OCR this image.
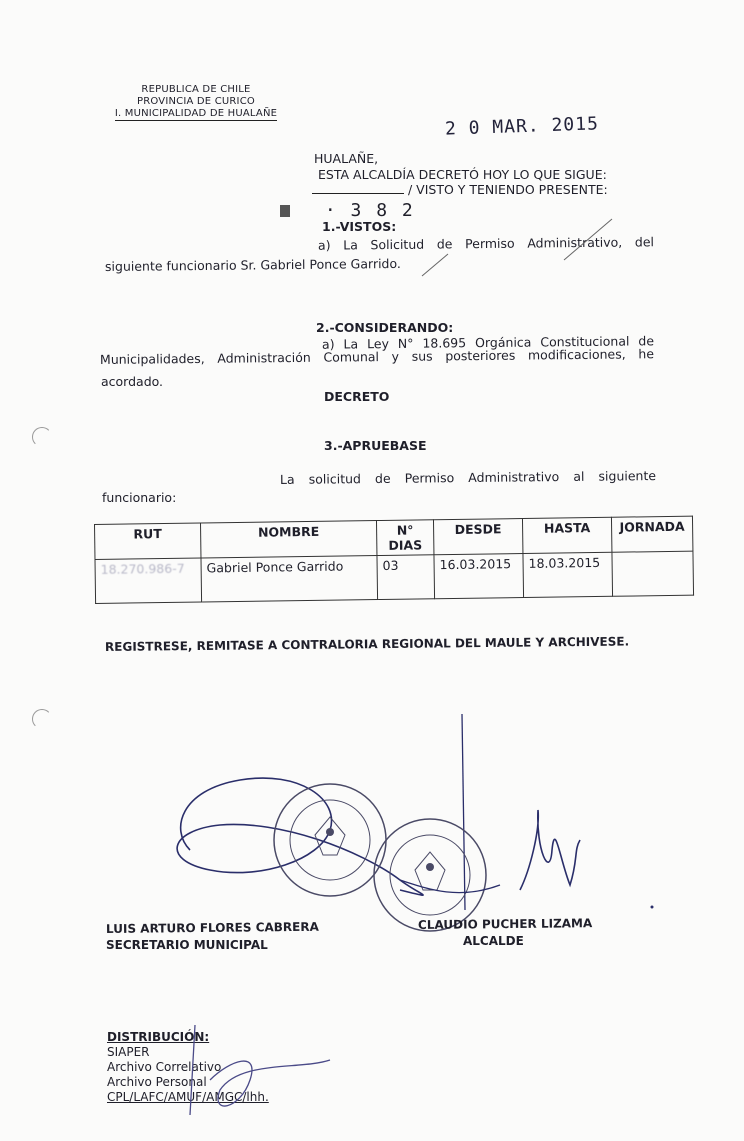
REPUBLICA DE CHILE
PROVINCIA DE CURICO
I. MUNICIPALIDAD DE HUALAÑE	2 0 MAR. 2015
HUALAÑE,
ESTA ALCALDÍA DECRETÓ HOY LO QUE SIGUE:
/ VISTO Y TENIENDO PRESENTE:
· 3 8 2
1.-VISTOS:
a) La Solicitud de Permiso Administrativo, del
siguiente funcionario Sr. Gabriel Ponce Garrido.
2.-CONSIDERANDO:
a) La Ley N° 18.695 Orgánica Constitucional de
Municipalidades, Administración Comunal y sus posteriores modificaciones, he
acordado.
DECRETO
3.-APRUEBASE
La solicitud de Permiso Administrativo al siguiente
funcionario:
RUT	NOMBRE	N° DIAS	DESDE	HASTA	JORNADA
18.270.986-7	Gabriel Ponce Garrido	03	16.03.2015	18.03.2015	
REGISTRESE, REMITASE A CONTRALORIA REGIONAL DEL MAULE Y ARCHIVESE.
LUIS ARTURO FLORES CABRERA
SECRETARIO MUNICIPAL
CLAUDIO PUCHER LIZAMA
ALCALDE
DISTRIBUCIÓN:
SIAPER
Archivo Correlativo
Archivo Personal
CPL/LAFC/AMUF/AMGC/lhh.
